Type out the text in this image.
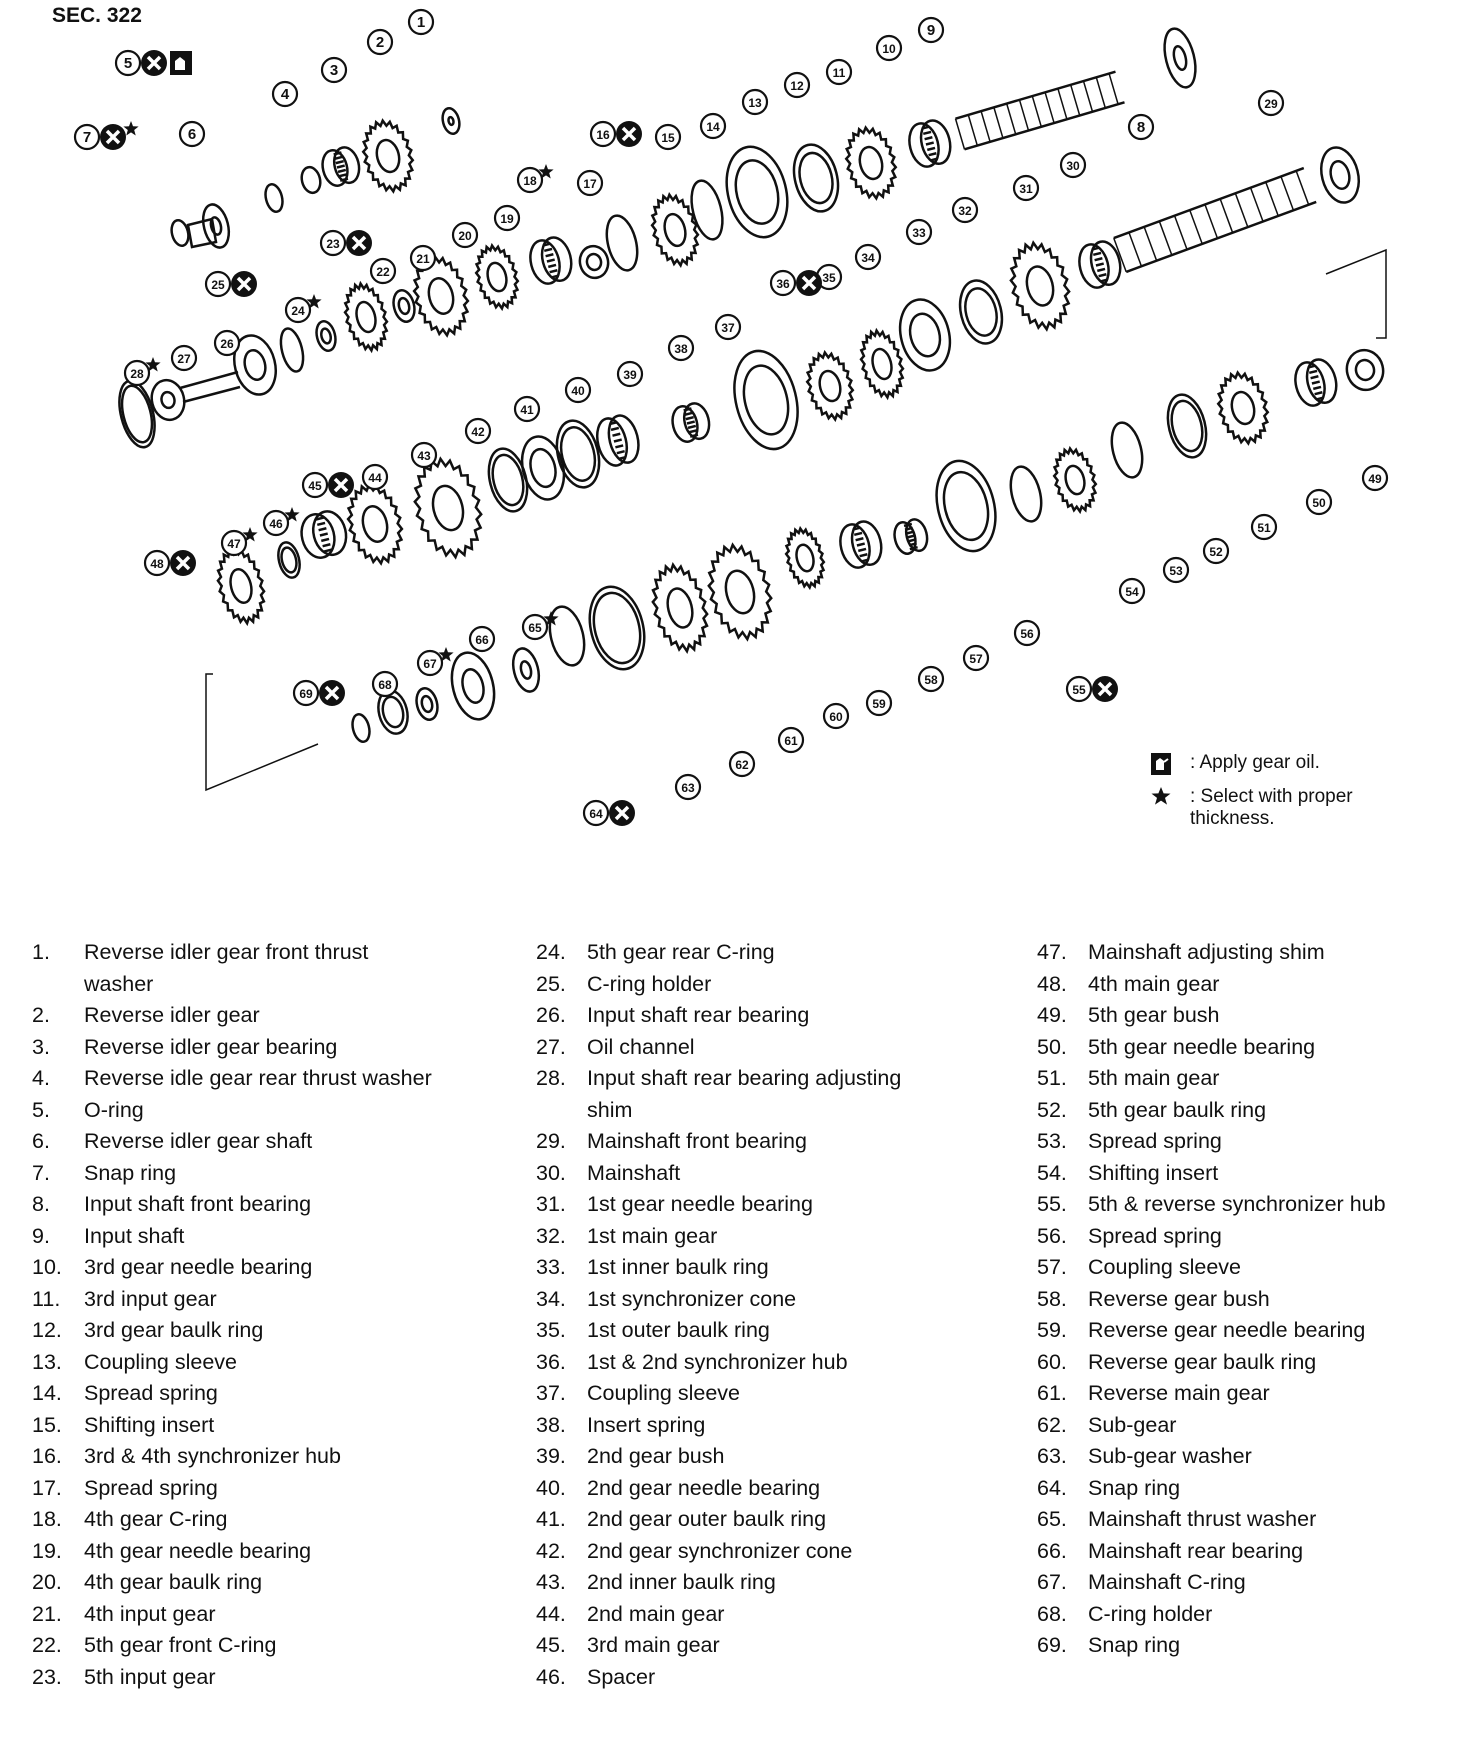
SEC. 322	1
2
3
4
5
6
7
8
9
10
11
12
13
14
15
16
17
18
19
20
21
22
23
24
25
26
27
28
29
30
31
32
33
34
35
36
37
38
39
40
41
42
43
44
45
46
47
48
49
50
51
52
53
54
55
56
57
58
59
60
61
62
63
64
65
66
67
68
69
: Apply gear oil.
: Select with proper thickness.
1.	Reverse idler gear front thrust washer
2.	Reverse idler gear
3.	Reverse idler gear bearing
4.	Reverse idle gear rear thrust washer
5.	O-ring
6.	Reverse idler gear shaft
7.	Snap ring
8.	Input shaft front bearing
9.	Input shaft
10.	3rd gear needle bearing
11.	3rd input gear
12.	3rd gear baulk ring
13.	Coupling sleeve
14.	Spread spring
15.	Shifting insert
16.	3rd & 4th synchronizer hub
17.	Spread spring
18.	4th gear C-ring
19.	4th gear needle bearing
20.	4th gear baulk ring
21.	4th input gear
22.	5th gear front C-ring
23.	5th input gear
24. 5th gear rear C-ring
25. C-ring holder
26. Input shaft rear bearing
27. Oil channel
28. Input shaft rear bearing adjusting shim
29. Mainshaft front bearing
30. Mainshaft
31. 1st gear needle bearing
32. 1st main gear
33. 1st inner baulk ring
34. 1st synchronizer cone
35. 1st outer baulk ring
36. 1st & 2nd synchronizer hub
37. Coupling sleeve
38. Insert spring
39. 2nd gear bush
40. 2nd gear needle bearing
41. 2nd gear outer baulk ring
42. 2nd gear synchronizer cone
43. 2nd inner baulk ring
44. 2nd main gear
45. 3rd main gear
46. Spacer
47. Mainshaft adjusting shim
48. 4th main gear
49. 5th gear bush
50. 5th gear needle bearing
51. 5th main gear
52. 5th gear baulk ring
53. Spread spring
54. Shifting insert
55. 5th & reverse synchronizer hub
56. Spread spring
57. Coupling sleeve
58. Reverse gear bush
59. Reverse gear needle bearing
60. Reverse gear baulk ring
61. Reverse main gear
62. Sub-gear
63. Sub-gear washer
64. Snap ring
65. Mainshaft thrust washer
66. Mainshaft rear bearing
67. Mainshaft C-ring
68. C-ring holder
69. Snap ring
